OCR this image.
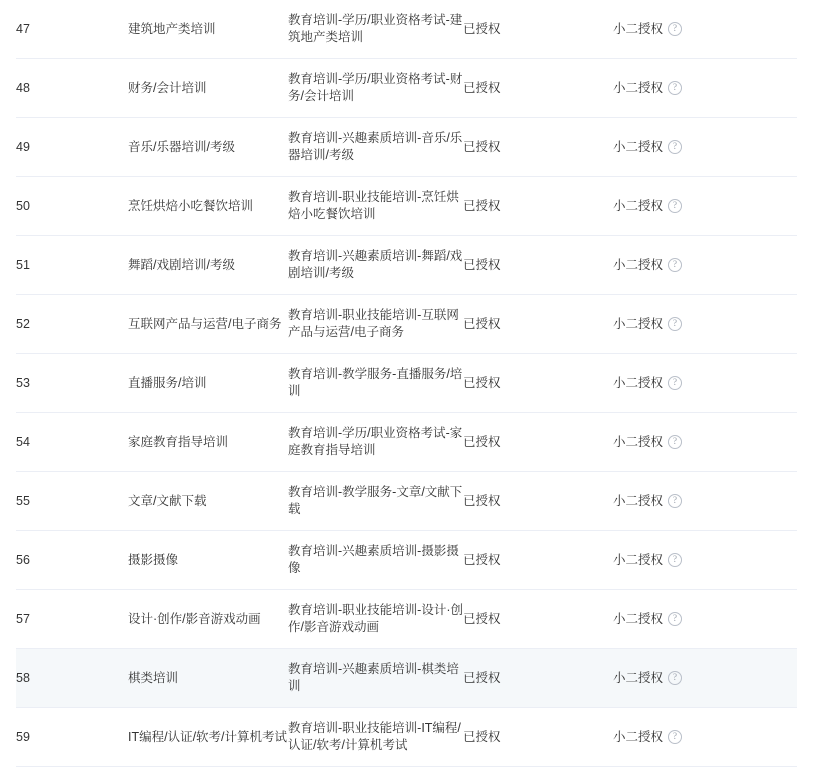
47	建筑地产类培训	教育培训-学历/职业资格考试-建筑地产类培训	已授权	小二授权
?

48	财务/会计培训	教育培训-学历/职业资格考试-财务/会计培训	已授权	小二授权
?

49	音乐/乐器培训/考级	教育培训-兴趣素质培训-音乐/乐器培训/考级	已授权	小二授权
?

50	烹饪烘焙小吃餐饮培训	教育培训-职业技能培训-烹饪烘焙小吃餐饮培训	已授权	小二授权
?

51	舞蹈/戏剧培训/考级	教育培训-兴趣素质培训-舞蹈/戏剧培训/考级	已授权	小二授权
?

52	互联网产品与运营/电子商务	教育培训-职业技能培训-互联网产品与运营/电子商务	已授权	小二授权
?

53	直播服务/培训	教育培训-教学服务-直播服务/培训	已授权	小二授权
?

54	家庭教育指导培训	教育培训-学历/职业资格考试-家庭教育指导培训	已授权	小二授权
?

55	文章/文献下载	教育培训-教学服务-文章/文献下载	已授权	小二授权
?

56	摄影摄像	教育培训-兴趣素质培训-摄影摄像	已授权	小二授权
?

57	设计·创作/影音游戏动画	教育培训-职业技能培训-设计·创作/影音游戏动画	已授权	小二授权
?

58	棋类培训	教育培训-兴趣素质培训-棋类培训	已授权	小二授权
?

59	IT编程/认证/软考/计算机考试	教育培训-职业技能培训-IT编程/认证/软考/计算机考试	已授权	小二授权
?
